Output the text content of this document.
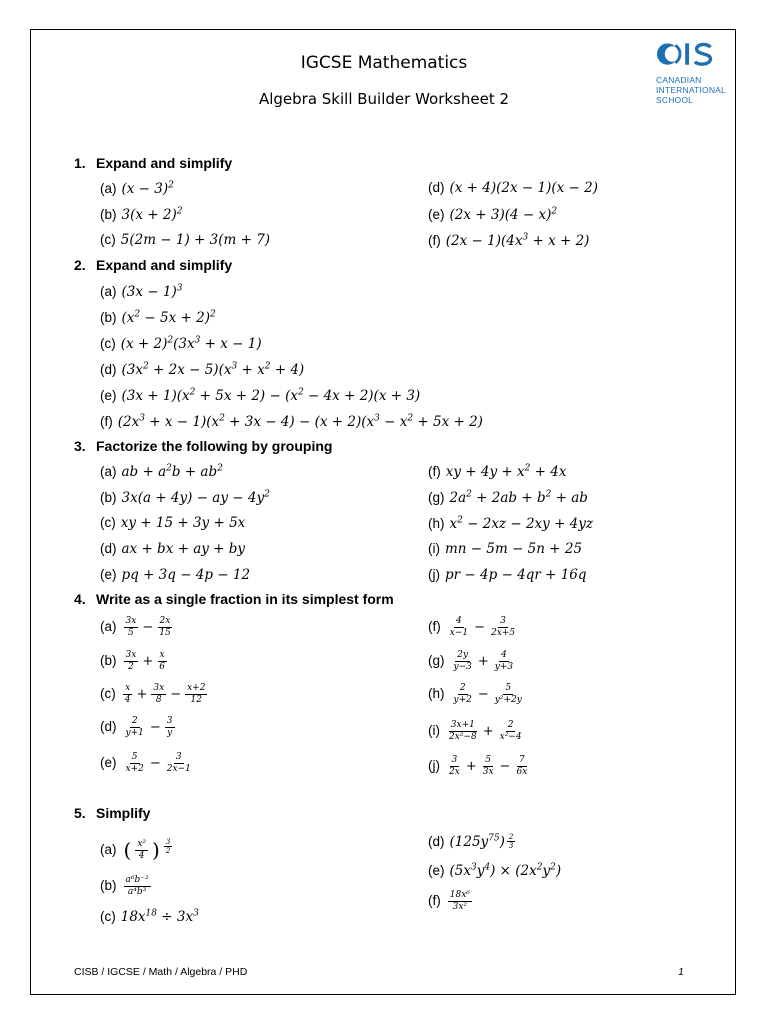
IGCSE Mathematics
Algebra Skill Builder Worksheet 2
CANADIAN
INTERNATIONAL
SCHOOL
1. Expand and simplify
(a) $(x - 3)^2$
(b) $3(x + 2)^2$
(c) 5(2m − 1) + 3(m + 7)
(d) (x + 4)(2x − 1)(x − 2)
(e) $(2x + 3)(4 - x)^2$
(f) $(2x - 1)(4x^3 + x + 2)$
2. Expand and simplify
(a) $(3x - 1)^3$
(b) $(x^2 - 5x + 2)^2$
(c) $(x + 2)^2(3x^3 + x - 1)$
(d) $(3x^2 + 2x - 5)(x^3 + x^2 + 4)$
(e) $(3x + 1)(x^2 + 5x + 2) - (x^2 - 4x + 2)(x + 3)$
(f) $(2x^3 + x - 1)(x^2 + 3x - 4) - (x + 2)(x^3 - x^2 + 5x + 2)$
3. Factorize the following by grouping
(a) ab + $a^2b + ab^2$
(b) 3x(a + 4y) − ay − $4y^2$
(c) xy + 15 + 3y + 5x
(d) ax + bx + ay + by
(e) pq + 3q − 4p − 12
(f) xy + $4y + x^2 + 4x$
(g) $2a^2 + 2ab + b^2$ + ab
(h) $x^2 - 2xz - 2xy + 4yz$
(i) mn − 5m − 5n + 25
(j) pr − 4p − 4qr + 16q
4. Write as a single fraction in its simplest form
$(a) \frac{3x}{5} - \frac{2x}{15}$
$(b) \frac{3x}{2} + \frac{x}{6}$
$(c) \frac{x}{4} + \frac{3x}{8} - \frac{x+2}{12}$
$(d) \frac{2}{y+1} - \frac{3}{y}$
$(e) \frac{5}{x+2} - \frac{3}{2x-1}$
$(f) \frac{4}{x-1} - \frac{3}{2x+5}$
$(g) \frac{2y}{y-3} + \frac{4}{y+3}$
$(h) \frac{2}{y+2} - \frac{5}{\text{y²+2y}}$
$(i) \frac{3x+1}{\text{2x²−8}} + \frac{2}{\text{x²−4}}$
$(j) \frac{3}{2x} + \frac{5}{3x} - \frac{7}{6x}$
5. Simplify
(a) ( $\frac{\text{x²}}{4}$ ) $\frac{3}{2}$
$(b) \frac{\text{a⁶b⁻²}}{\text{a⁴b³}}$
(c) $18x^{18} \div 3x^3$
(d) $(125y^{75}) \frac{2}{3}$
(e) $(5x^3y^4) \times (2x^2y^2)$
$(f) \frac{\text{18x⁶}}{\text{3x²}}$
CISB / IGCSE / Math / Algebra / PHD	1
